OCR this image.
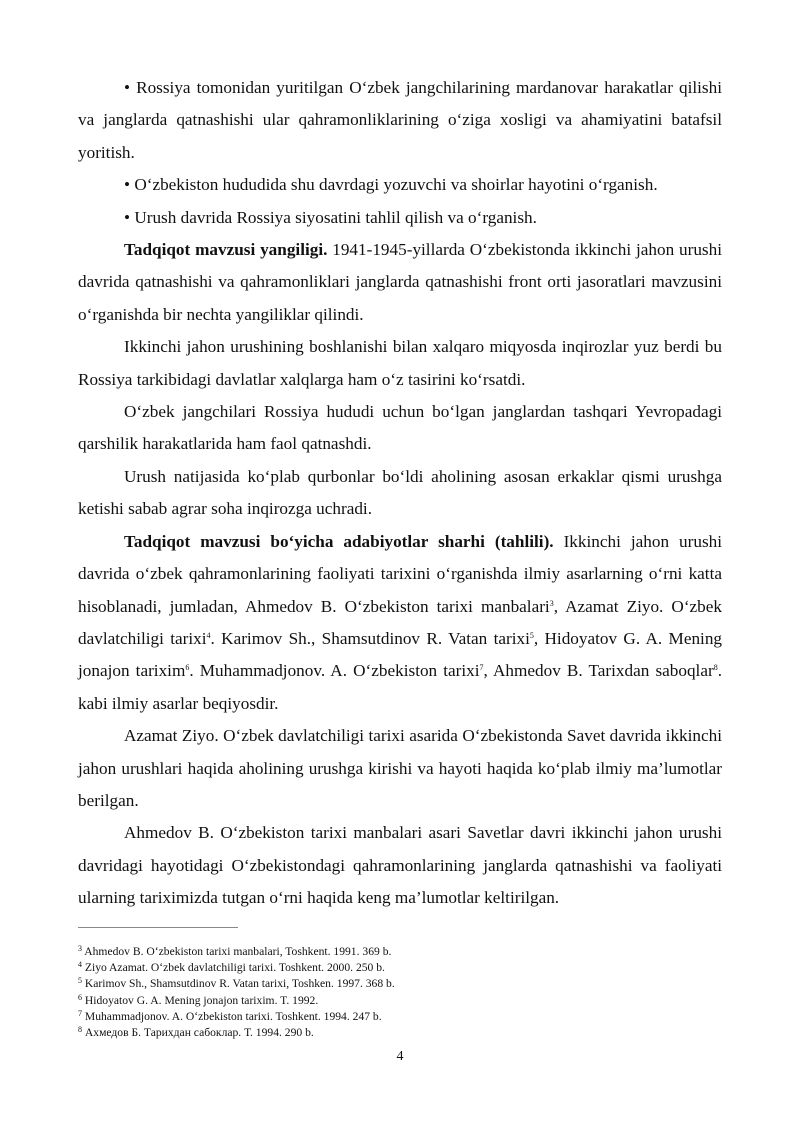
• Rossiya tomonidan yuritilgan O‘zbek jangchilarining mardanovar harakatlar qilishi va janglarda qatnashishi ular qahramonliklarining o‘ziga xosligi va ahamiyatini batafsil yoritish.

• O‘zbekiston hududida shu davrdagi yozuvchi va shoirlar hayotini o‘rganish.

• Urush davrida Rossiya siyosatini tahlil qilish va o‘rganish.

Tadqiqot mavzusi yangiligi. 1941-1945-yillarda O‘zbekistonda ikkinchi jahon urushi davrida qatnashishi va qahramonliklari janglarda qatnashishi front orti jasoratlari mavzusini o‘rganishda bir nechta yangiliklar qilindi.

Ikkinchi jahon urushining boshlanishi bilan xalqaro miqyosda inqirozlar yuz berdi bu Rossiya tarkibidagi davlatlar xalqlarga ham o‘z tasirini ko‘rsatdi.

O‘zbek jangchilari Rossiya hududi uchun bo‘lgan janglardan tashqari Yevropadagi qarshilik harakatlarida ham faol qatnashdi.

Urush natijasida ko‘plab qurbonlar bo‘ldi aholining asosan erkaklar qismi urushga ketishi sabab agrar soha inqirozga uchradi.

Tadqiqot mavzusi bo‘yicha adabiyotlar sharhi (tahlili). Ikkinchi jahon urushi davrida o‘zbek qahramonlarining faoliyati tarixini o‘rganishda ilmiy asarlarning o‘rni katta hisoblanadi, jumladan, Ahmedov B. O‘zbekiston tarixi manbalari$^3$, Azamat Ziyo. O‘zbek davlatchiligi tarixi$^4$. Karimov Sh., Shamsutdinov R. Vatan tarixi$^5$, Hidoyatov G. A. Mening jonajon tarixim$^6$. Muhammadjonov. A. O‘zbekiston tarixi$^7$, Ahmedov B. Tarixdan saboqlar$^8$. kabi ilmiy asarlar beqiyosdir.

Azamat Ziyo. O‘zbek davlatchiligi tarixi asarida O‘zbekistonda Savet davrida ikkinchi jahon urushlari haqida aholining urushga kirishi va hayoti haqida ko‘plab ilmiy ma’lumotlar berilgan.

Ahmedov B. O‘zbekiston tarixi manbalari asari Savetlar davri ikkinchi jahon urushi davridagi hayotidagi O‘zbekistondagi qahramonlarining janglarda qatnashishi va faoliyati ularning tariximizda tutgan o‘rni haqida keng ma’lumotlar keltirilgan.

$^3$ Ahmedov B. O‘zbekiston tarixi manbalari, Toshkent. 1991. 369 b.
$^4$ Ziyo Azamat. O‘zbek davlatchiligi tarixi. Toshkent. 2000. 250 b.
$^5$ Karimov Sh., Shamsutdinov R. Vatan tarixi, Toshken. 1997. 368 b.
$^6$ Hidoyatov G. A. Mening jonajon tarixim. T. 1992.
$^7$ Muhammadjonov. A. O‘zbekiston tarixi. Toshkent. 1994. 247 b.
$^8$ Ахмедов Б. Тарихдан сабоклар. Т. 1994. 290 b.
4
